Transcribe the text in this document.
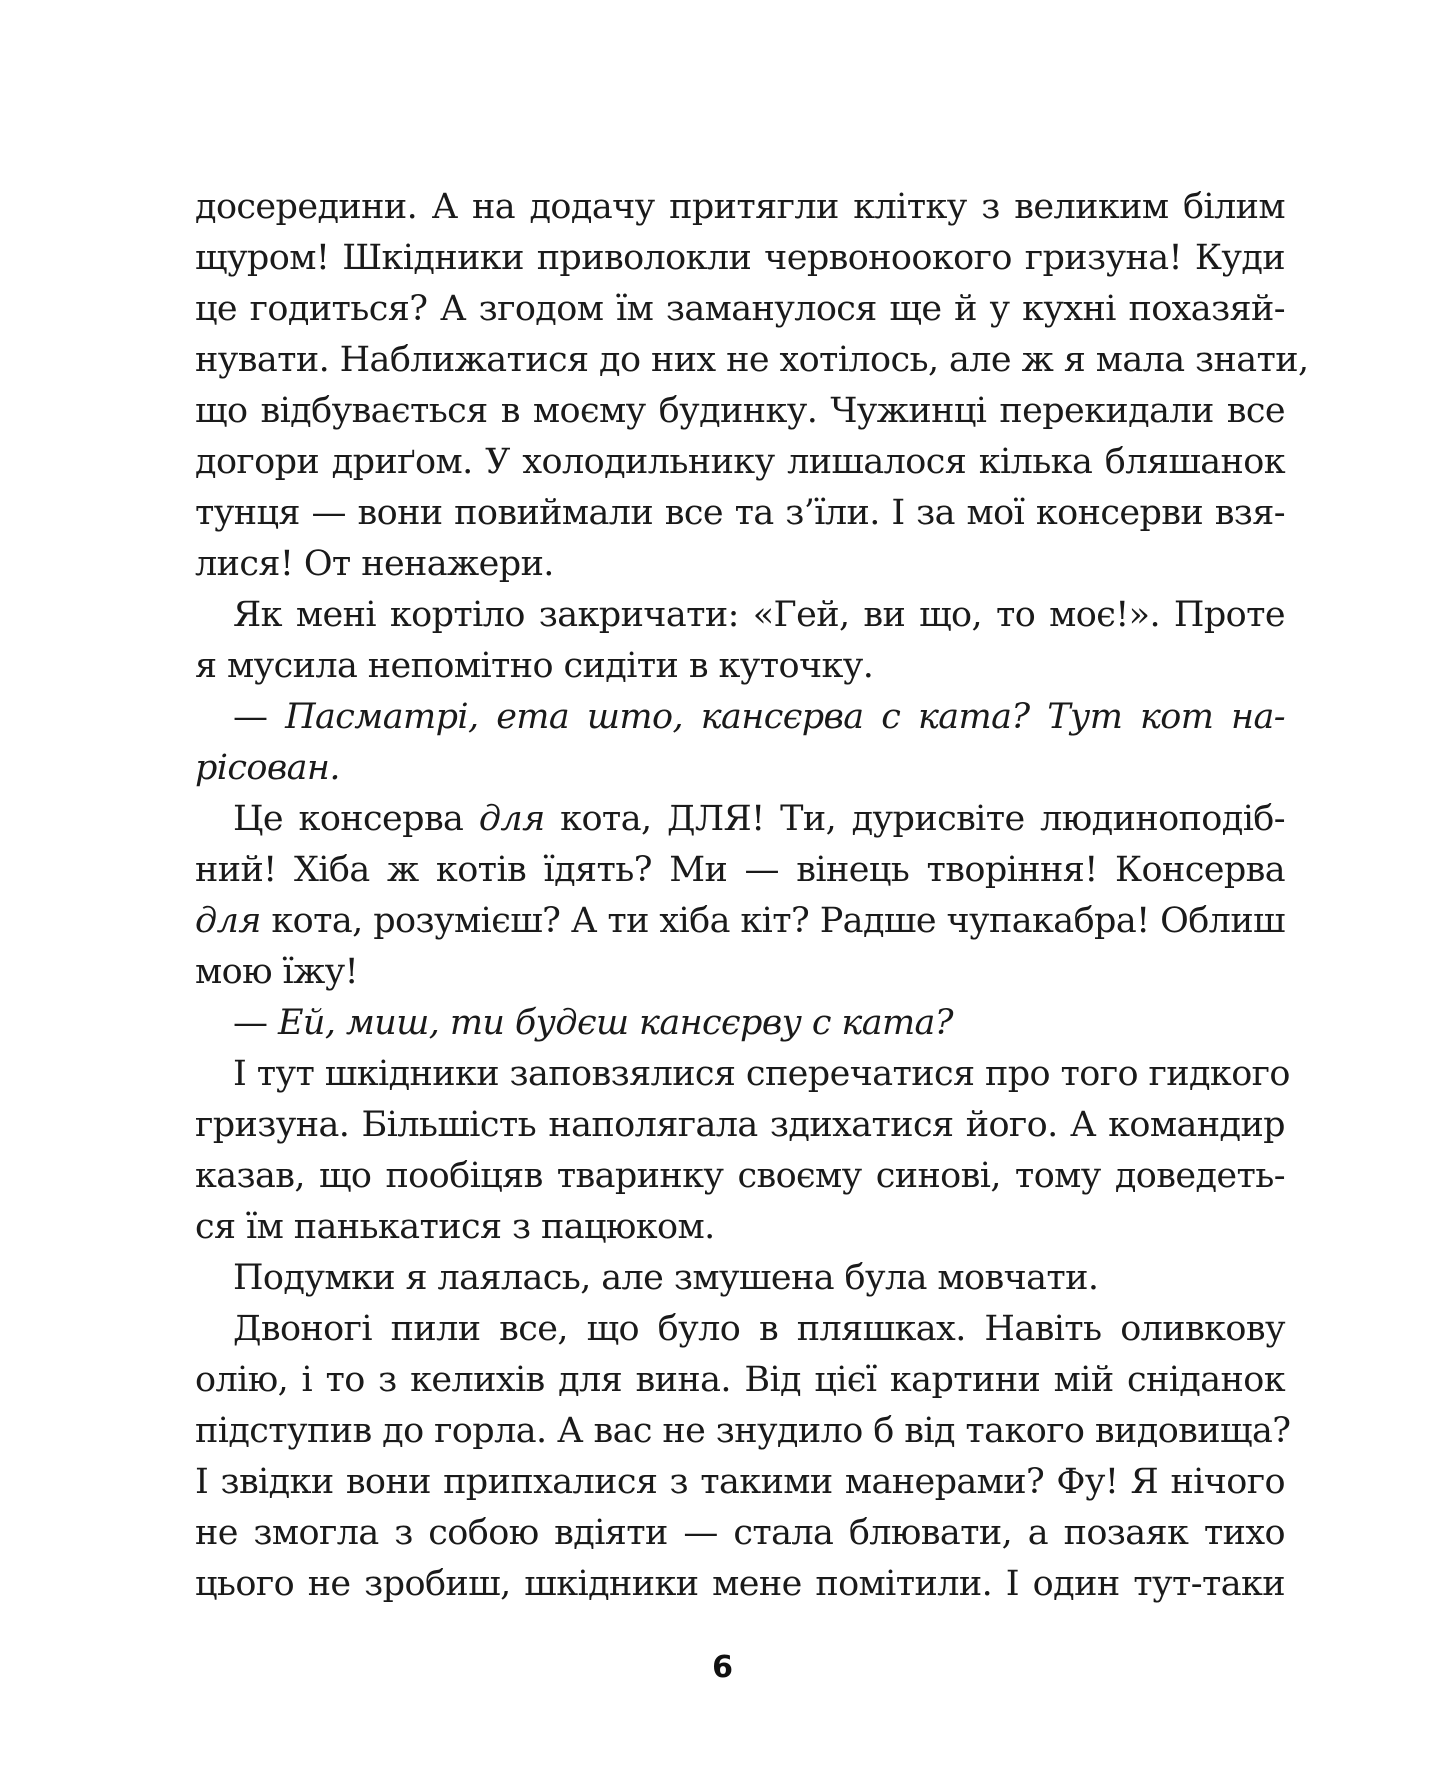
досередини. А на додачу притягли клітку з великим білим
щуром! Шкідники приволокли червоноокого гризуна! Куди
це годиться? А згодом їм заманулося ще й у кухні похазяй-
нувати. Наближатися до них не хотілось, але ж я мала знати,
що відбувається в моєму будинку. Чужинці перекидали все
догори дриґом. У холодильнику лишалося кілька бляшанок
тунця — вони повиймали все та з’їли. І за мої консерви взя-
лися! От ненажери.
Як мені кортіло закричати: «Гей, ви що, то моє!». Проте
я мусила непомітно сидіти в куточку.
— Пасматрі, ета што, кансєрва с ката? Тут кот на-
рісован.
Це консерва для кота, ДЛЯ! Ти, дурисвіте людиноподіб-
ний! Хіба ж котів їдять? Ми — вінець творіння! Консерва
для кота, розумієш? А ти хіба кіт? Радше чупакабра! Облиш
мою їжу!
— Ей, миш, ти будєш кансєрву с ката?
І тут шкідники заповзялися сперечатися про того гидкого
гризуна. Більшість наполягала здихатися його. А командир
казав, що пообіцяв тваринку своєму синові, тому доведеть-
ся їм панькатися з пацюком.
Подумки я лаялась, але змушена була мовчати.
Двоногі пили все, що було в пляшках. Навіть оливкову
олію, і то з келихів для вина. Від цієї картини мій сніданок
підступив до горла. А вас не знудило б від такого видовища?
І звідки вони припхалися з такими манерами? Фу! Я нічого
не змогла з собою вдіяти — стала блювати, а позаяк тихо
цього не зробиш, шкідники мене помітили. І один тут-таки
6
